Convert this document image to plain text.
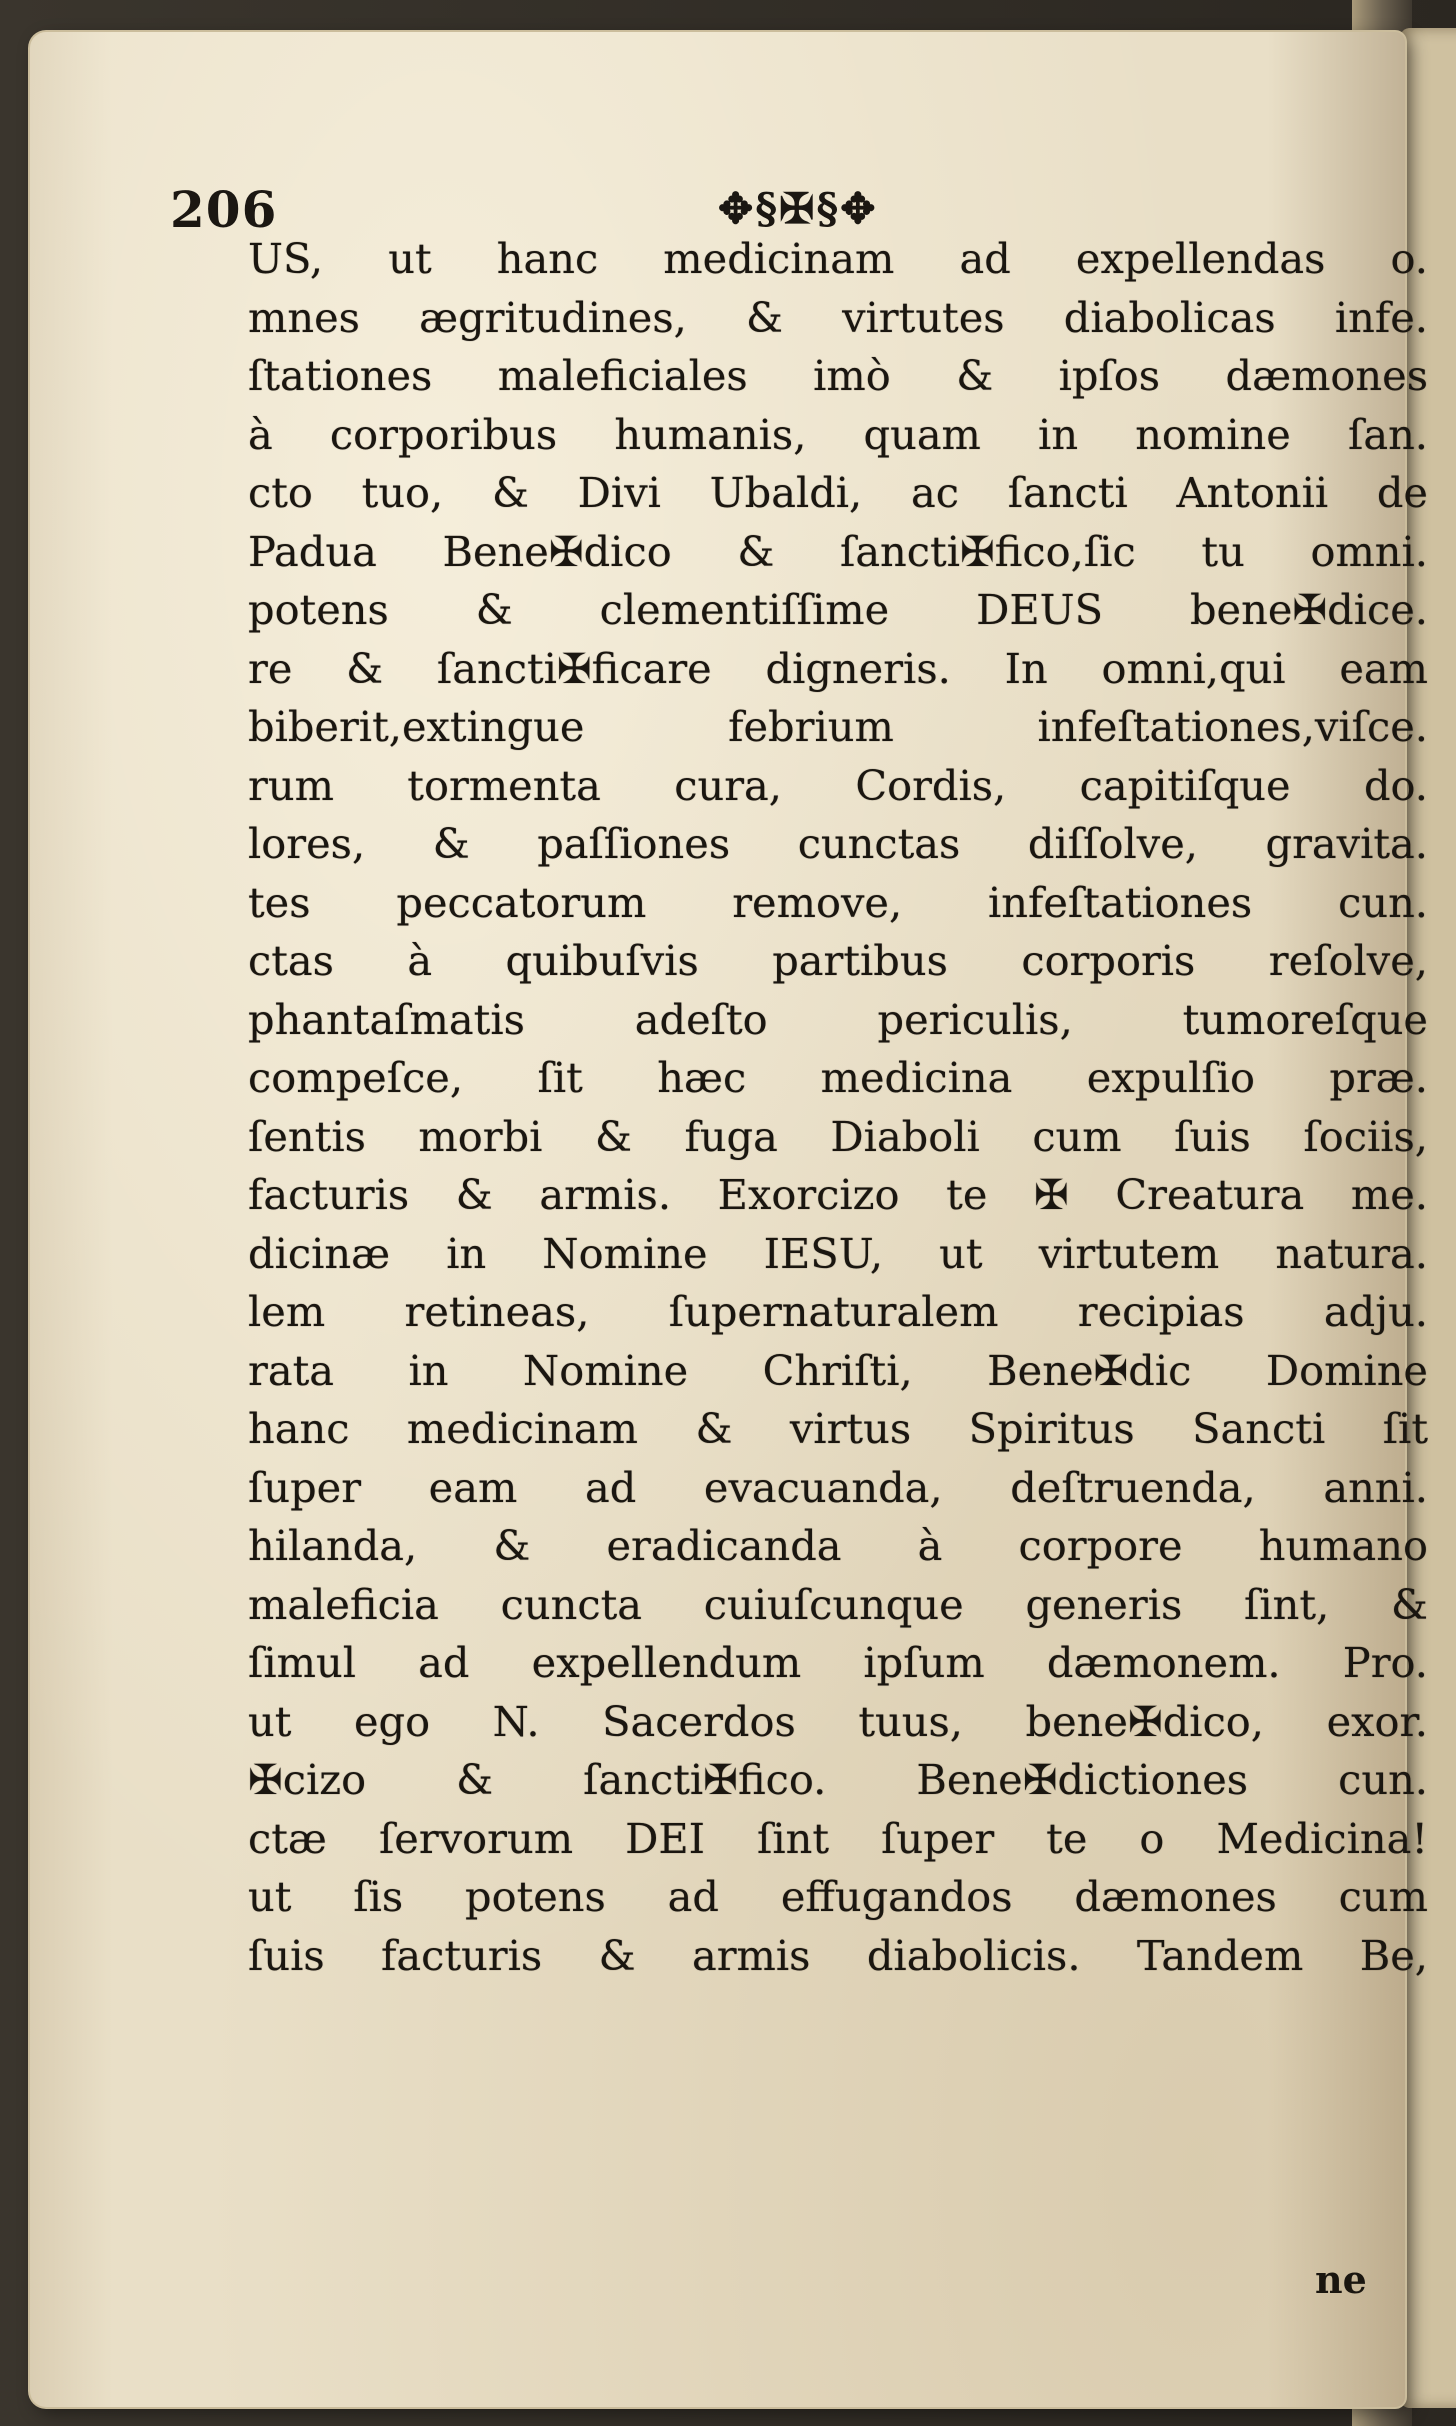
206	✥§✠§✥
US, ut hanc medicinam ad expellendas o.
mnes ægritudines, & virtutes diabolicas infe.
ſtationes maleficiales imò & ipſos dæmones
à corporibus humanis, quam in nomine ſan.
cto tuo, & Divi Ubaldi, ac ſancti Antonii de
Padua Bene✠dico & ſancti✠fico,ſic tu omni.
potens & clementiſſime DEUS bene✠dice.
re & ſancti✠ficare digneris. In omni,qui eam
biberit,extingue febrium infeſtationes,viſce.
rum tormenta cura, Cordis, capitiſque do.
lores, & paſſiones cunctas diſſolve, gravita.
tes peccatorum remove, infeſtationes cun.
ctas à quibuſvis partibus corporis reſolve,
phantaſmatis adeſto periculis, tumoreſque
compeſce, ſit hæc medicina expulſio præ.
ſentis morbi & fuga Diaboli cum ſuis ſociis,
facturis & armis. Exorcizo te ✠ Creatura me.
dicinæ in Nomine IESU, ut virtutem natura.
lem retineas, ſupernaturalem recipias adju.
rata in Nomine Chriſti, Bene✠dic Domine
hanc medicinam & virtus Spiritus Sancti ſit
ſuper eam ad evacuanda, deſtruenda, anni.
hilanda, & eradicanda à corpore humano
maleficia cuncta cuiuſcunque generis ſint, &
ſimul ad expellendum ipſum dæmonem. Pro.
ut ego N. Sacerdos tuus, bene✠dico, exor.
✠cizo & ſancti✠fico. Bene✠dictiones cun.
ctæ ſervorum DEI ſint ſuper te o Medicina!
ut ſis potens ad effugandos dæmones cum
ſuis facturis & armis diabolicis. Tandem Be,
ne
